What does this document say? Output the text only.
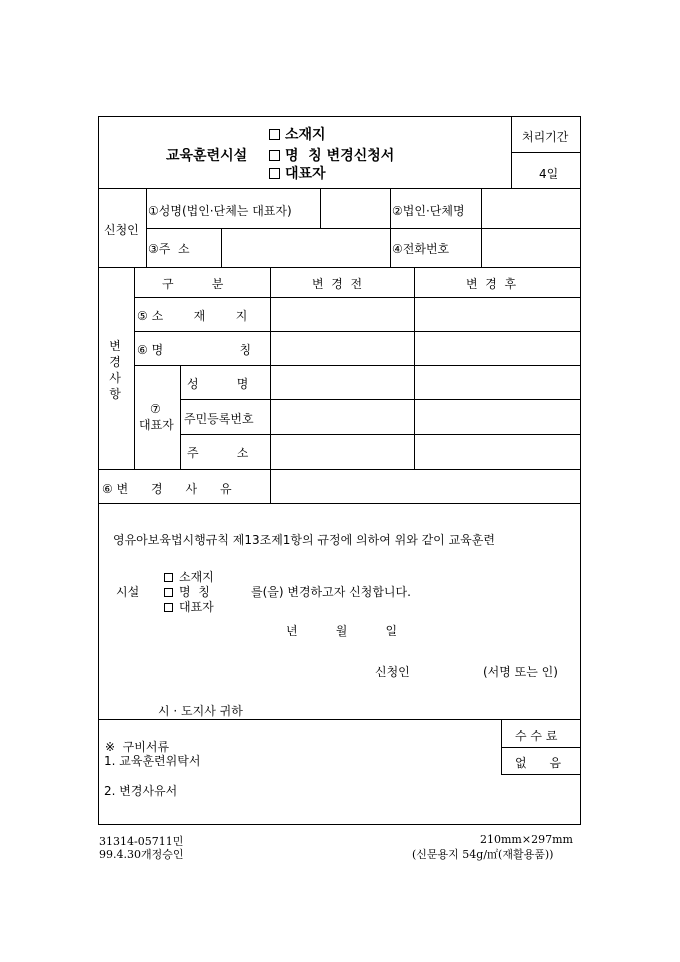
교육훈련시설
소재지
명  칭 변경신청서
대표자
처리기간
4일
신청인
①성명(법인·단체는 대표자)	②법인·단체명
③주  소	④전화번호
변경사항
구          분	변  경  전	변  경  후
⑤ 소        재        지
⑥ 명                    칭
⑦
대표자
성          명
주민등록번호
주          소
⑥ 변      경      사      유
영유아보육법시행규칙 제13조제1항의 규정에 의하여 위와 같이 교육훈련
시설
소재지
명  칭
대표자
를(을) 변경하고자 신청합니다.
년          월          일
신청인	(서명 또는 인)
시 · 도지사 귀하
※  구비서류
1. 교육훈련위탁서
2. 변경사유서
수 수 료
없      음
31314-05711민
99.4.30개정승인
210mm×297mm
(신문용지 54g/㎡(재활용품))
